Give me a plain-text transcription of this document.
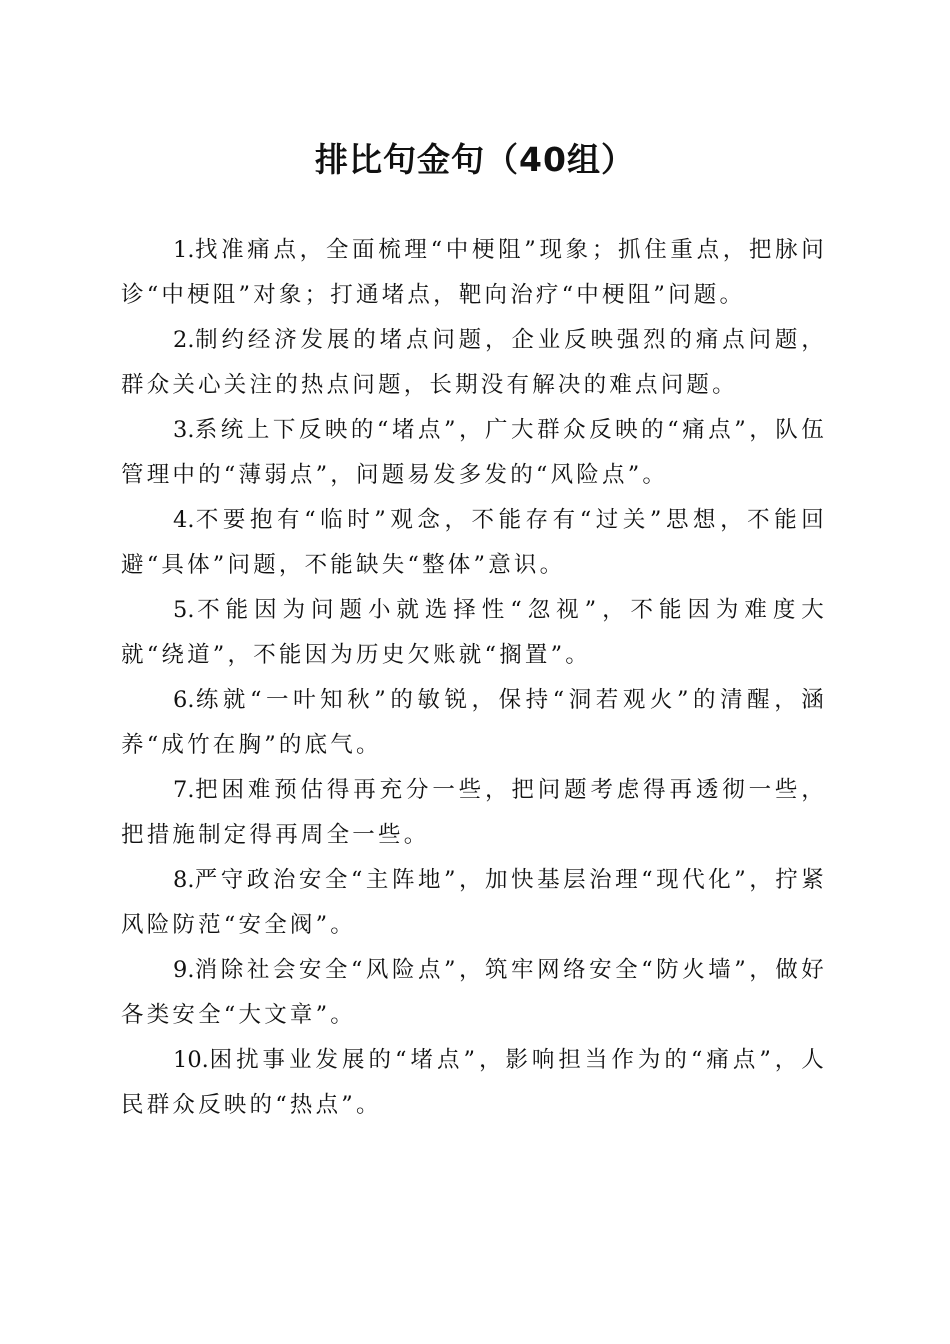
排比句金句（40组）

1.找准痛点，全面梳理“中梗阻”现象；抓住重点，把脉问诊“中梗阻”对象；打通堵点，靶向治疗“中梗阻”问题。

2.制约经济发展的堵点问题，企业反映强烈的痛点问题，群众关心关注的热点问题，长期没有解决的难点问题。

3.系统上下反映的“堵点”，广大群众反映的“痛点”，队伍管理中的“薄弱点”，问题易发多发的“风险点”。

4.不要抱有“临时”观念，不能存有“过关”思想，不能回避“具体”问题，不能缺失“整体”意识。

5.不能因为问题小就选择性“忽视”，不能因为难度大就“绕道”，不能因为历史欠账就“搁置”。

6.练就“一叶知秋”的敏锐，保持“洞若观火”的清醒，涵养“成竹在胸”的底气。

7.把困难预估得再充分一些，把问题考虑得再透彻一些，把措施制定得再周全一些。

8.严守政治安全“主阵地”，加快基层治理“现代化”，拧紧风险防范“安全阀”。

9.消除社会安全“风险点”，筑牢网络安全“防火墙”，做好各类安全“大文章”。

10.困扰事业发展的“堵点”，影响担当作为的“痛点”，人民群众反映的“热点”。
